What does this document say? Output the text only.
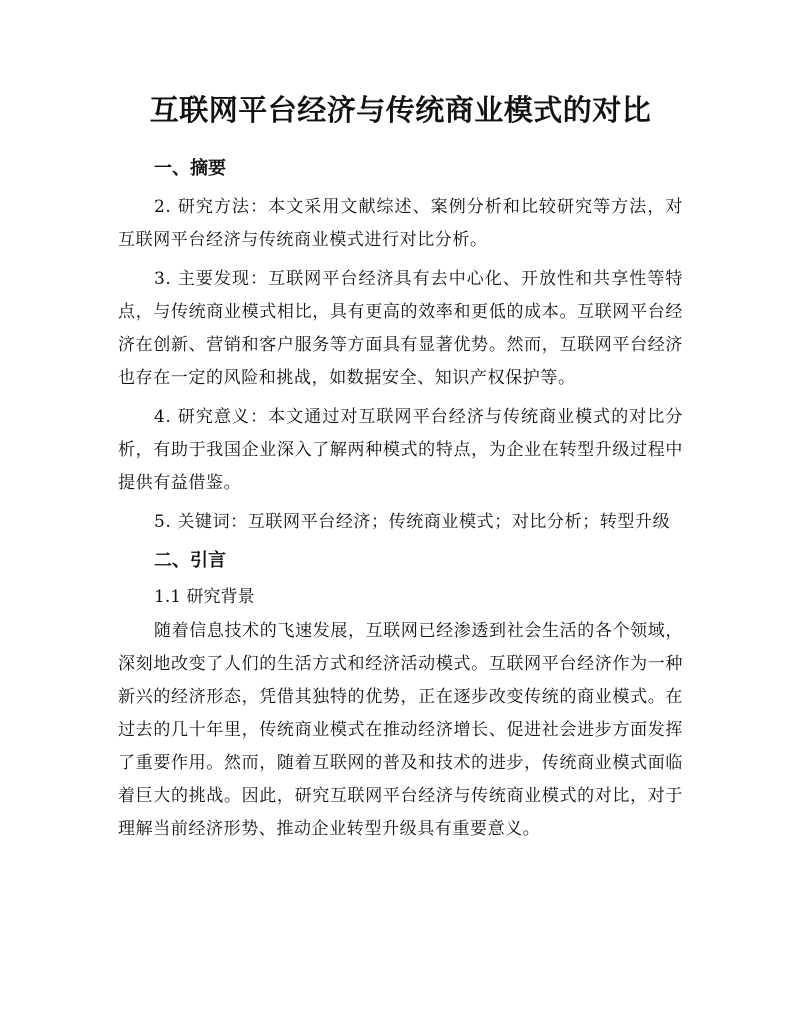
互联网平台经济与传统商业模式的对比
一、摘要

2. 研究方法：本文采用文献综述、案例分析和比较研究等方法，对互联网平台经济与传统商业模式进行对比分析。

3. 主要发现：互联网平台经济具有去中心化、开放性和共享性等特点，与传统商业模式相比，具有更高的效率和更低的成本。互联网平台经济在创新、营销和客户服务等方面具有显著优势。然而，互联网平台经济也存在一定的风险和挑战，如数据安全、知识产权保护等。

4. 研究意义：本文通过对互联网平台经济与传统商业模式的对比分析，有助于我国企业深入了解两种模式的特点，为企业在转型升级过程中提供有益借鉴。

5. 关键词：互联网平台经济；传统商业模式；对比分析；转型升级

二、引言
1.1 研究背景

随着信息技术的飞速发展，互联网已经渗透到社会生活的各个领域，深刻地改变了人们的生活方式和经济活动模式。互联网平台经济作为一种新兴的经济形态，凭借其独特的优势，正在逐步改变传统的商业模式。在过去的几十年里，传统商业模式在推动经济增长、促进社会进步方面发挥了重要作用。然而，随着互联网的普及和技术的进步，传统商业模式面临着巨大的挑战。因此，研究互联网平台经济与传统商业模式的对比，对于理解当前经济形势、推动企业转型升级具有重要意义。
